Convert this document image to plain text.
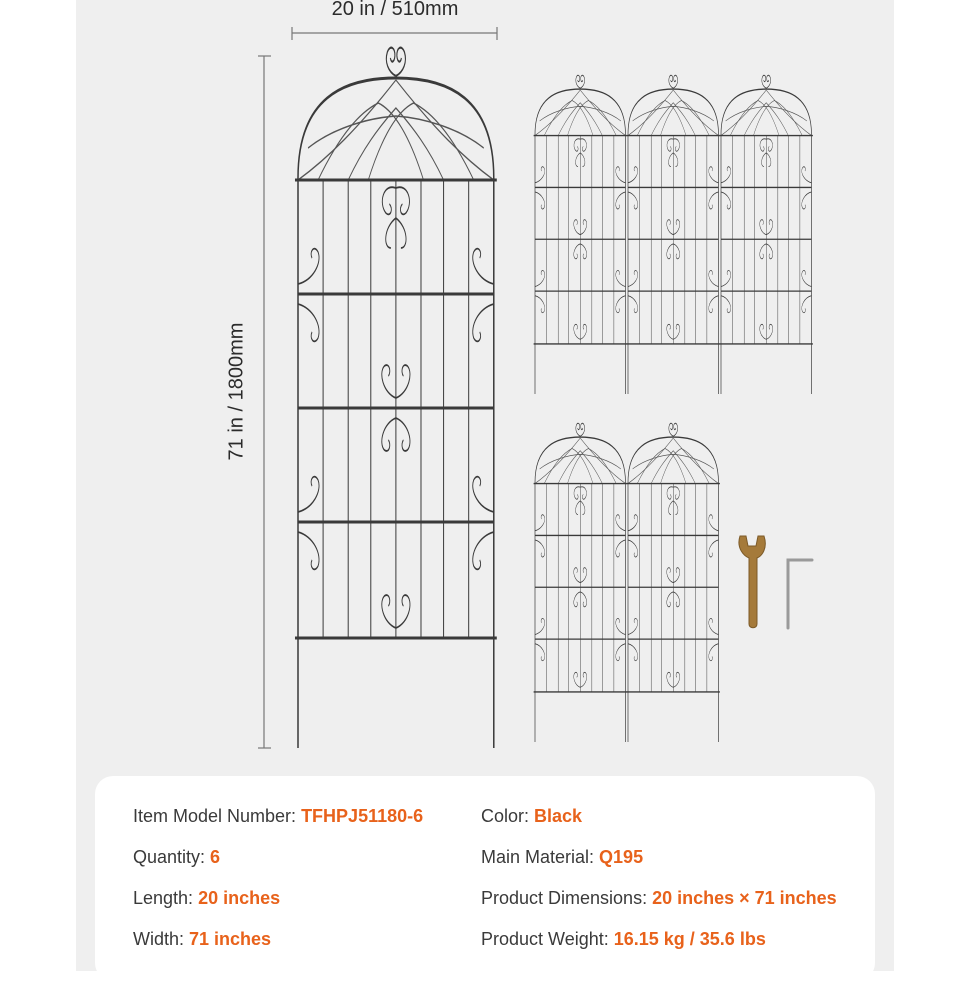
20 in / 510mm
71 in / 1800mm
Item Model Number: TFHPJ51180-6	Color: Black
Quantity: 6	Main Material: Q195
Length: 20 inches	Product Dimensions: 20 inches × 71 inches
Width: 71 inches	Product Weight: 16.15 kg / 35.6 lbs
